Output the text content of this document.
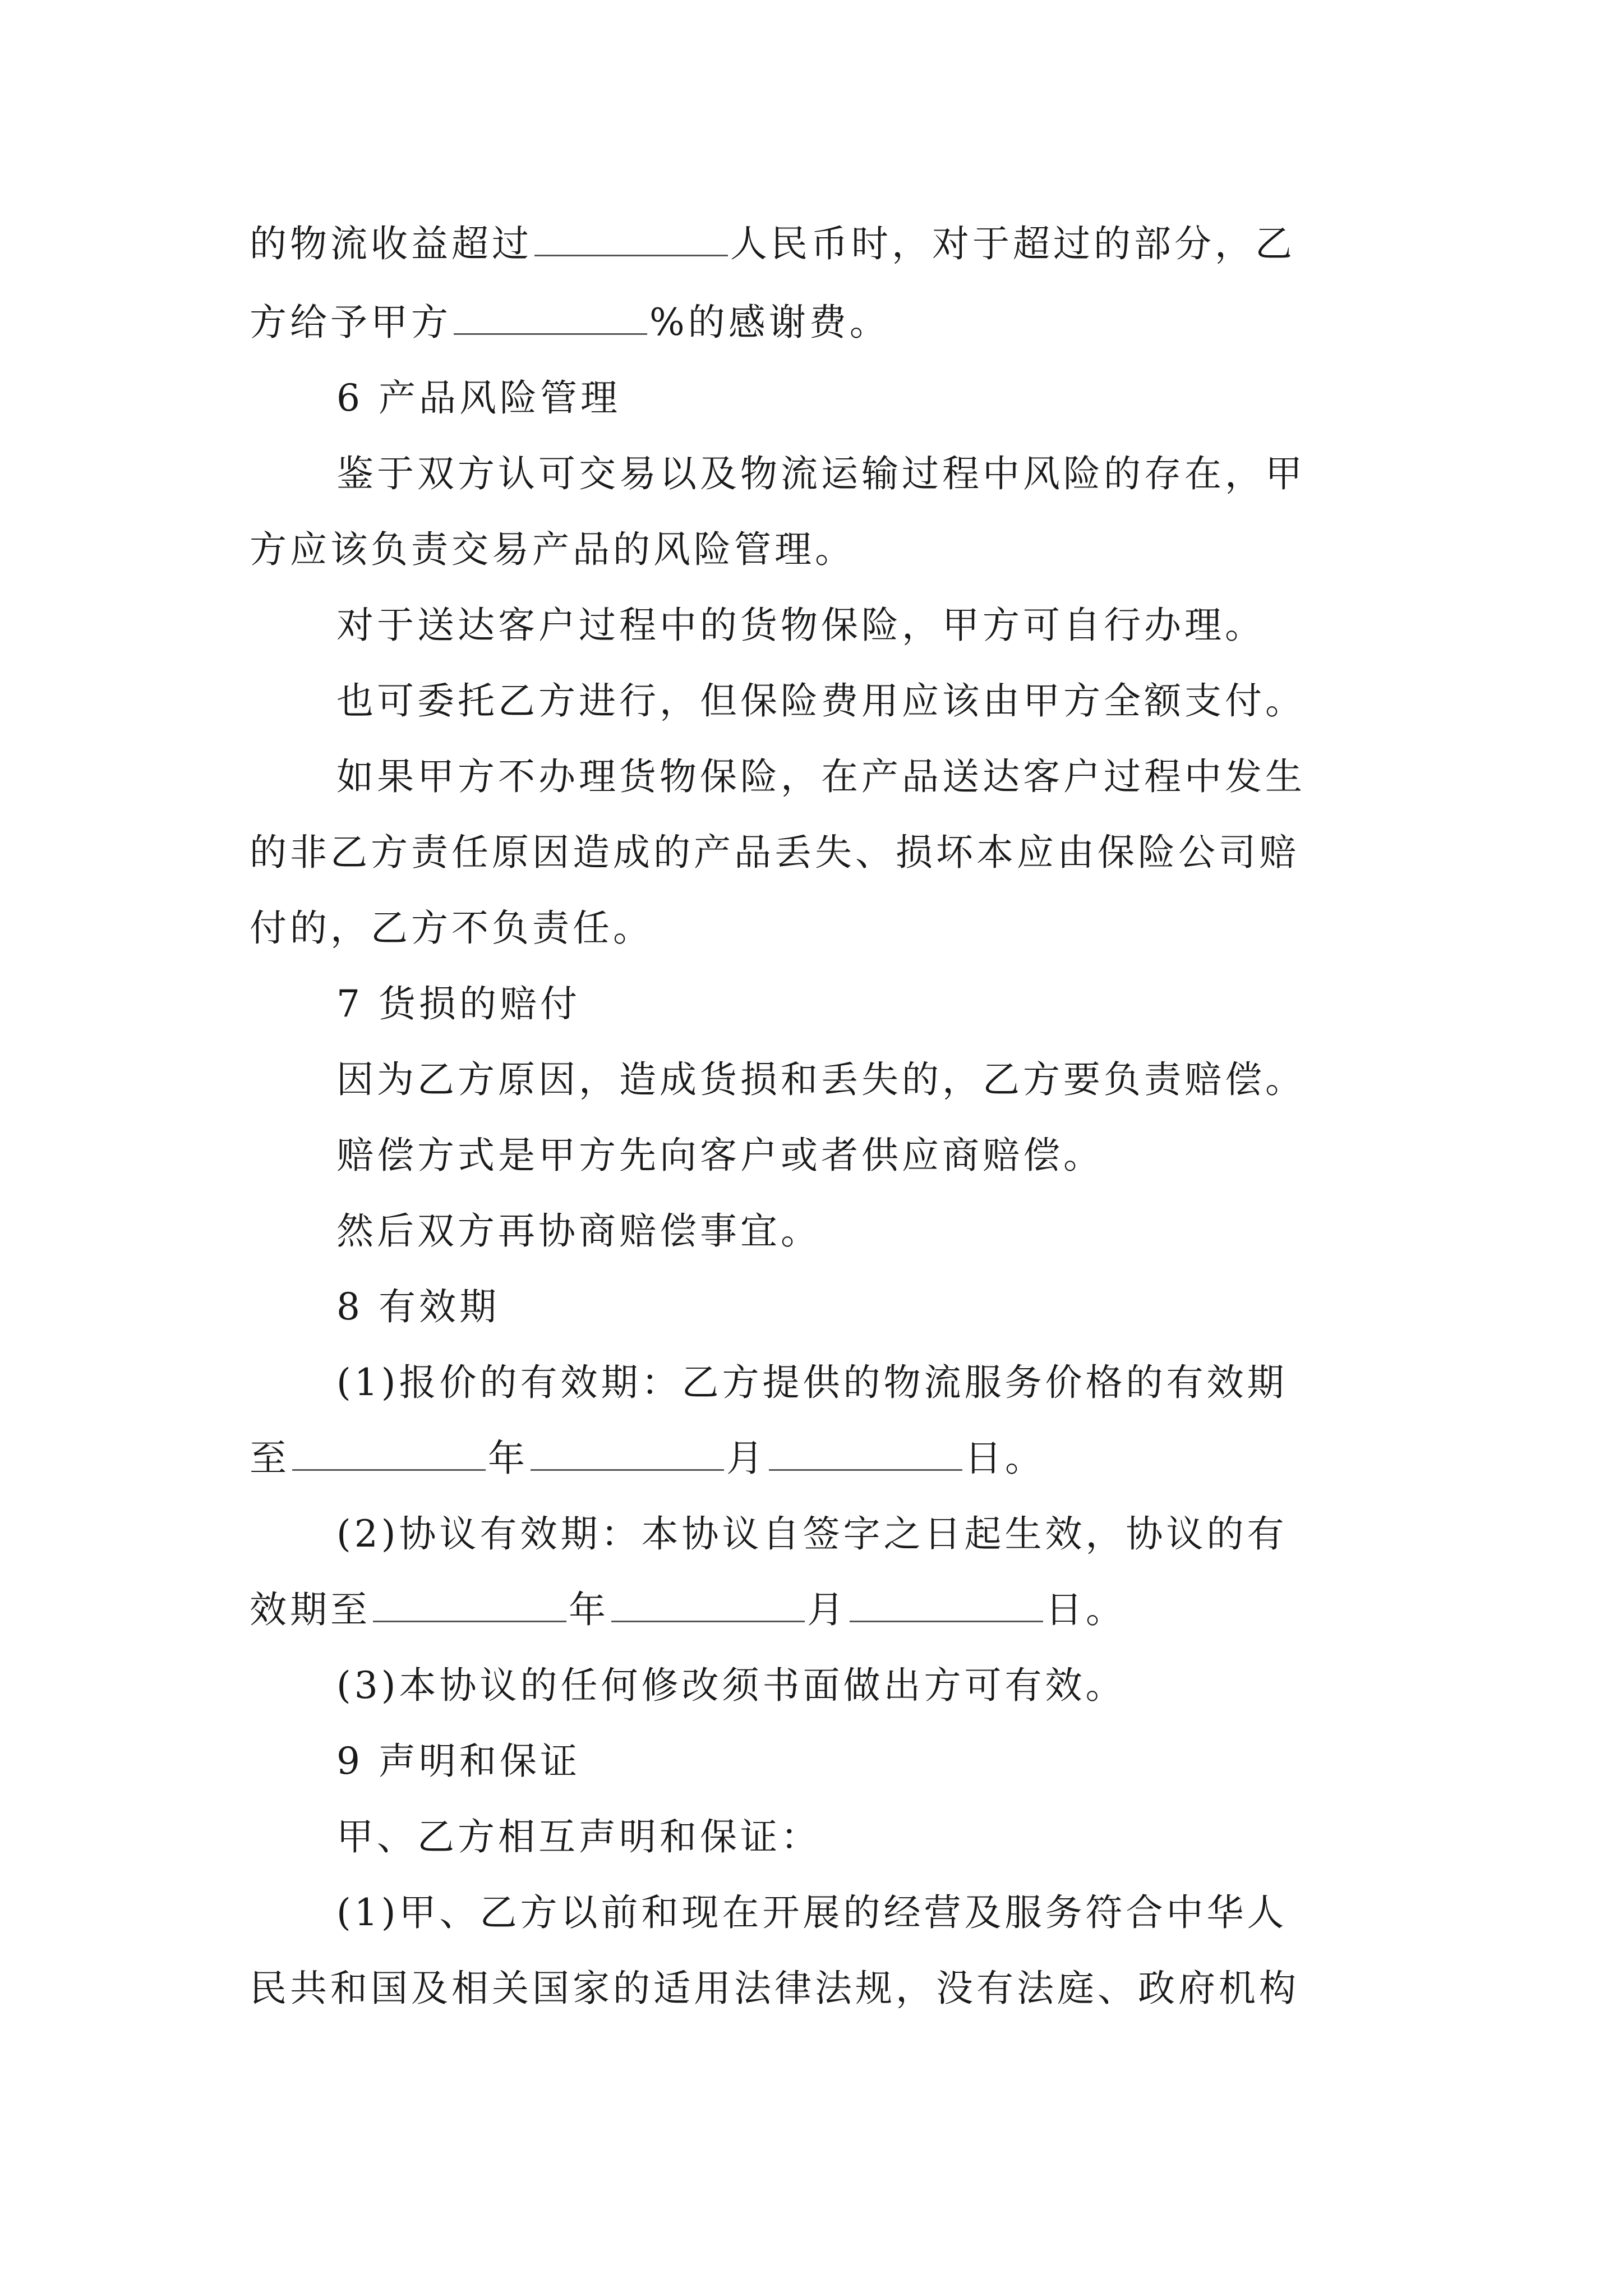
的物流收益超过	人民币时，对于超过的部分，乙
方给予甲方	%的感谢费。
6 产品风险管理
鉴于双方认可交易以及物流运输过程中风险的存在，甲
方应该负责交易产品的风险管理。
对于送达客户过程中的货物保险，甲方可自行办理。
也可委托乙方进行，但保险费用应该由甲方全额支付。
如果甲方不办理货物保险，在产品送达客户过程中发生
的非乙方责任原因造成的产品丢失、损坏本应由保险公司赔
付的，乙方不负责任。
7 货损的赔付
因为乙方原因，造成货损和丢失的，乙方要负责赔偿。
赔偿方式是甲方先向客户或者供应商赔偿。
然后双方再协商赔偿事宜。
8 有效期
(1)报价的有效期：乙方提供的物流服务价格的有效期
至	年	月	日。
(2)协议有效期：本协议自签字之日起生效，协议的有
效期至	年	月	日。
(3)本协议的任何修改须书面做出方可有效。
9 声明和保证
甲、乙方相互声明和保证：
(1)甲、乙方以前和现在开展的经营及服务符合中华人
民共和国及相关国家的适用法律法规，没有法庭、政府机构
